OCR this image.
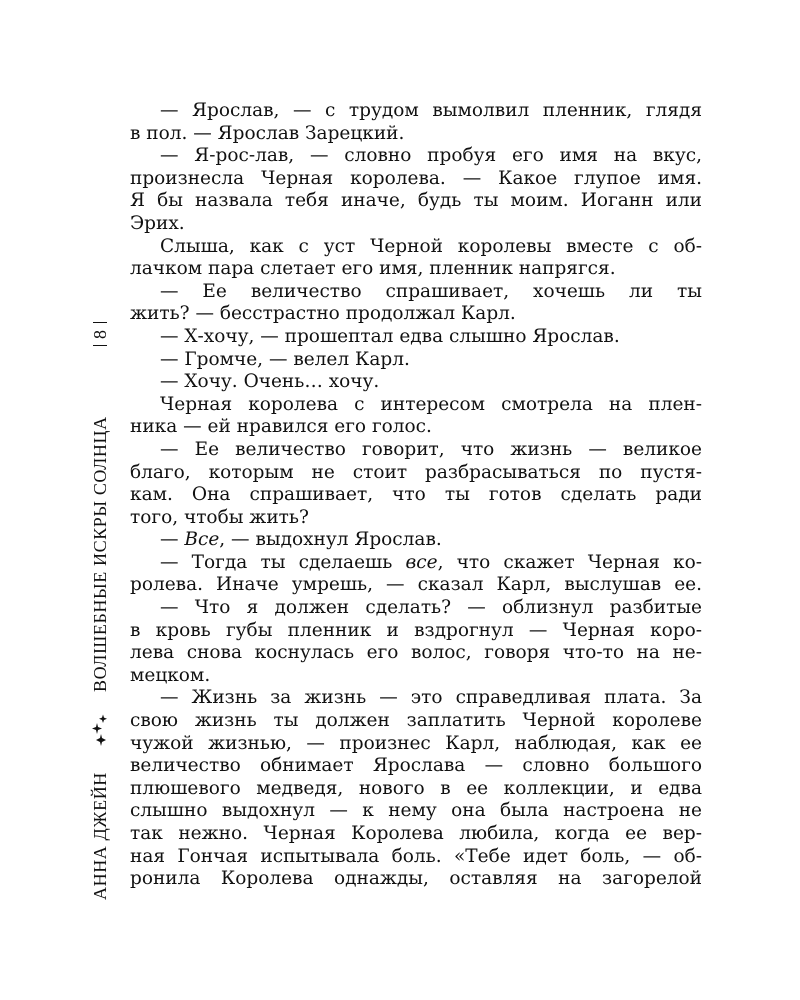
АННА ДЖЕЙН
ВОЛШЕБНЫЕ ИСКРЫ СОЛНЦА
8
— Ярослав, — с трудом вымолвил пленник, глядя
в пол. — Ярослав Зарецкий.
— Я-рос-лав, — словно пробуя его имя на вкус,
произнесла Черная королева. — Какое глупое имя.
Я бы назвала тебя иначе, будь ты моим. Иоганн или
Эрих.
Слыша, как с уст Черной королевы вместе с об-
лачком пара слетает его имя, пленник напрягся.
— Ее величество спрашивает, хочешь ли ты
жить? — бесстрастно продолжал Карл.
— Х-хочу, — прошептал едва слышно Ярослав.
— Громче, — велел Карл.
— Хочу. Очень… хочу.
Черная королева с интересом смотрела на плен-
ника — ей нравился его голос.
— Ее величество говорит, что жизнь — великое
благо, которым не стоит разбрасываться по пустя-
кам. Она спрашивает, что ты готов сделать ради
того, чтобы жить?
— Все, — выдохнул Ярослав.
— Тогда ты сделаешь все, что скажет Черная ко-
ролева. Иначе умрешь, — сказал Карл, выслушав ее.
— Что я должен сделать? — облизнул разбитые
в кровь губы пленник и вздрогнул — Черная коро-
лева снова коснулась его волос, говоря что-то на не-
мецком.
— Жизнь за жизнь — это справедливая плата. За
свою жизнь ты должен заплатить Черной королеве
чужой жизнью, — произнес Карл, наблюдая, как ее
величество обнимает Ярослава — словно большого
плюшевого медведя, нового в ее коллекции, и едва
слышно выдохнул — к нему она была настроена не
так нежно. Черная Королева любила, когда ее вер-
ная Гончая испытывала боль. «Тебе идет боль, — об-
ронила Королева однажды, оставляя на загорелой
